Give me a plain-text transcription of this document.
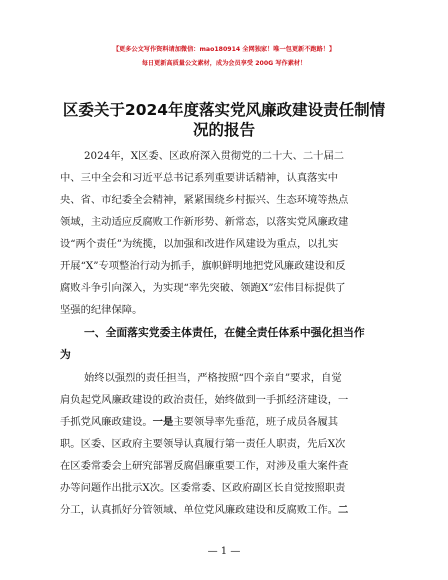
【更多公文写作资料请加微信：mao180914 全网独家！唯一包更新不跑路！】
每日更新高质量公文素材，成为会员享受 200G 写作素材！
区委关于2024年度落实党风廉政建设责任制情
况的报告
2024年，X区委、区政府深入贯彻党的二十大、二十届二
中、三中全会和习近平总书记系列重要讲话精神，认真落实中
央、省、市纪委全会精神，紧紧围绕乡村振兴、生态环境等热点
领域，主动适应反腐败工作新形势、新常态，以落实党风廉政建
设“两个责任”为统揽，以加强和改进作风建设为重点，以扎实
开展“X”专项整治行动为抓手，旗帜鲜明地把党风廉政建设和反
腐败斗争引向深入，为实现“率先突破、领跑X”宏伟目标提供了
坚强的纪律保障。
一、全面落实党委主体责任，在健全责任体系中强化担当作
为
始终以强烈的责任担当，严格按照“四个亲自”要求，自觉
肩负起党风廉政建设的政治责任，始终做到一手抓经济建设，一
手抓党风廉政建设。一是主要领导率先垂范，班子成员各履其
职。区委、区政府主要领导认真履行第一责任人职责，先后X次
在区委常委会上研究部署反腐倡廉重要工作，对涉及重大案件查
办等问题作出批示X次。区委常委、区政府副区长自觉按照职责
分工，认真抓好分管领域、单位党风廉政建设和反腐败工作。二
— 1 —
